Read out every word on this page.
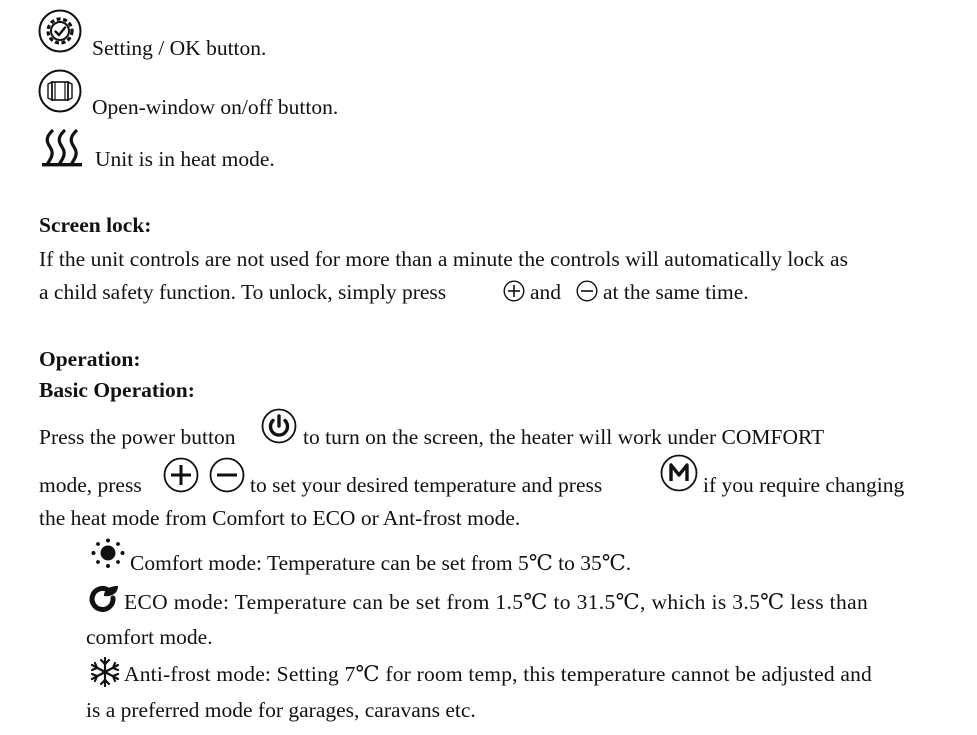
Setting / OK button.
Open-window on/off button.
Unit is in heat mode.
Screen lock:
If the unit controls are not used for more than a minute the controls will automatically lock as
a child safety function. To unlock, simply press	and at the same time.
Operation:
Basic Operation:
Press the power button	to turn on the screen, the heater will work under COMFORT
mode, press	to set your desired temperature and press	if you require changing
the heat mode from Comfort to ECO or Ant-frost mode.
Comfort mode: Temperature can be set from 5℃ to 35℃.
ECO mode: Temperature can be set from 1.5℃ to 31.5℃, which is 3.5℃ less than
comfort mode.
Anti-frost mode: Setting 7℃ for room temp, this temperature cannot be adjusted and
is a preferred mode for garages, caravans etc.
